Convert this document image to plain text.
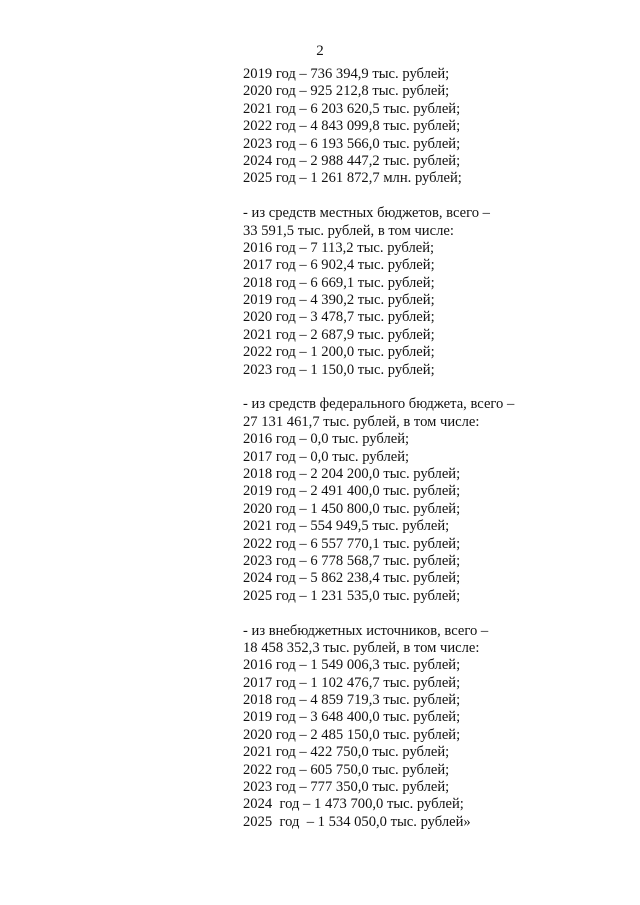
2
2019 год – 736 394,9 тыс. рублей;
2020 год – 925 212,8 тыс. рублей;
2021 год – 6 203 620,5 тыс. рублей;
2022 год – 4 843 099,8 тыс. рублей;
2023 год – 6 193 566,0 тыс. рублей;
2024 год – 2 988 447,2 тыс. рублей;
2025 год – 1 261 872,7 млн. рублей;
- из средств местных бюджетов, всего –
33 591,5 тыс. рублей, в том числе:
2016 год – 7 113,2 тыс. рублей;
2017 год – 6 902,4 тыс. рублей;
2018 год – 6 669,1 тыс. рублей;
2019 год – 4 390,2 тыс. рублей;
2020 год – 3 478,7 тыс. рублей;
2021 год – 2 687,9 тыс. рублей;
2022 год – 1 200,0 тыс. рублей;
2023 год – 1 150,0 тыс. рублей;
- из средств федерального бюджета, всего –
27 131 461,7 тыс. рублей, в том числе:
2016 год – 0,0 тыс. рублей;
2017 год – 0,0 тыс. рублей;
2018 год – 2 204 200,0 тыс. рублей;
2019 год – 2 491 400,0 тыс. рублей;
2020 год – 1 450 800,0 тыс. рублей;
2021 год – 554 949,5 тыс. рублей;
2022 год – 6 557 770,1 тыс. рублей;
2023 год – 6 778 568,7 тыс. рублей;
2024 год – 5 862 238,4 тыс. рублей;
2025 год – 1 231 535,0 тыс. рублей;
- из внебюджетных источников, всего –
18 458 352,3 тыс. рублей, в том числе:
2016 год – 1 549 006,3 тыс. рублей;
2017 год – 1 102 476,7 тыс. рублей;
2018 год – 4 859 719,3 тыс. рублей;
2019 год – 3 648 400,0 тыс. рублей;
2020 год – 2 485 150,0 тыс. рублей;
2021 год – 422 750,0 тыс. рублей;
2022 год – 605 750,0 тыс. рублей;
2023 год – 777 350,0 тыс. рублей;
2024  год – 1 473 700,0 тыс. рублей;
2025  год  – 1 534 050,0 тыс. рублей»
